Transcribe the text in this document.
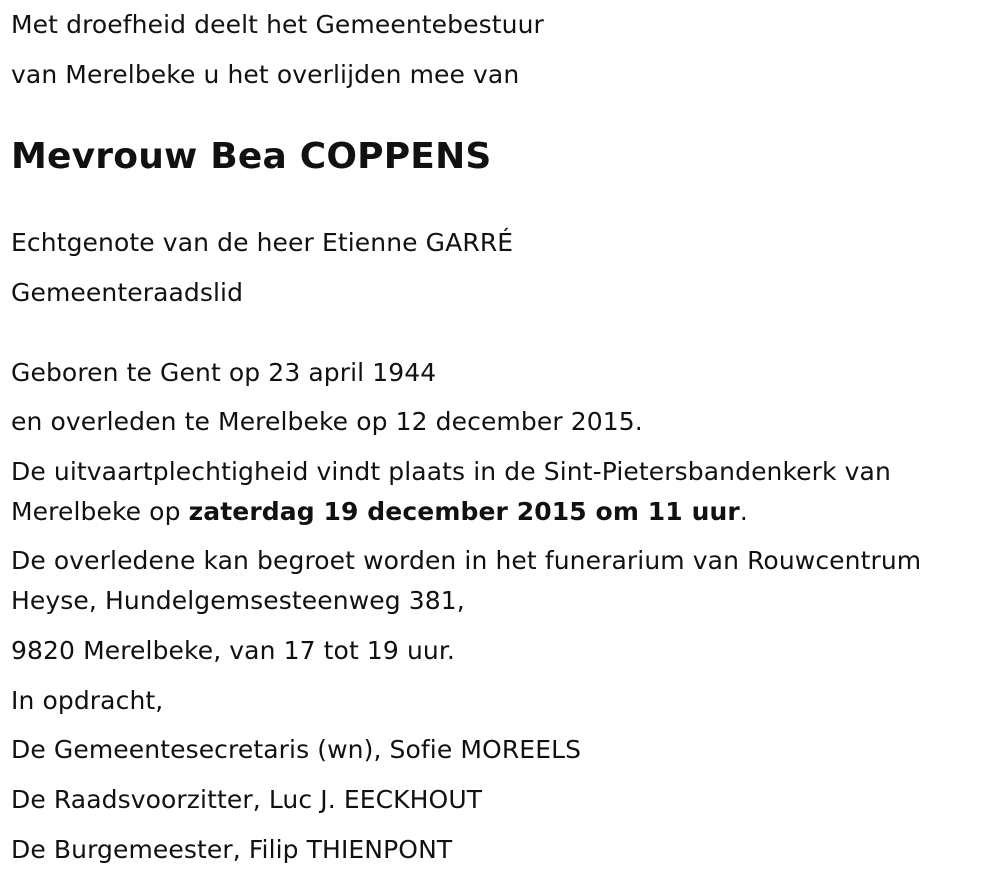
Met droefheid deelt het Gemeentebestuur
van Merelbeke u het overlijden mee van
Mevrouw Bea COPPENS
Echtgenote van de heer Etienne GARRÉ
Gemeenteraadslid
Geboren te Gent op 23 april 1944
en overleden te Merelbeke op 12 december 2015.
De uitvaartplechtigheid vindt plaats in de Sint-Pietersbandenkerk van Merelbeke op zaterdag 19 december 2015 om 11 uur.
De overledene kan begroet worden in het funerarium van Rouwcentrum Heyse, Hundelgemsesteenweg 381,
9820 Merelbeke, van 17 tot 19 uur.
In opdracht,
De Gemeentesecretaris (wn), Sofie MOREELS
De Raadsvoorzitter, Luc J. EECKHOUT
De Burgemeester, Filip THIENPONT
